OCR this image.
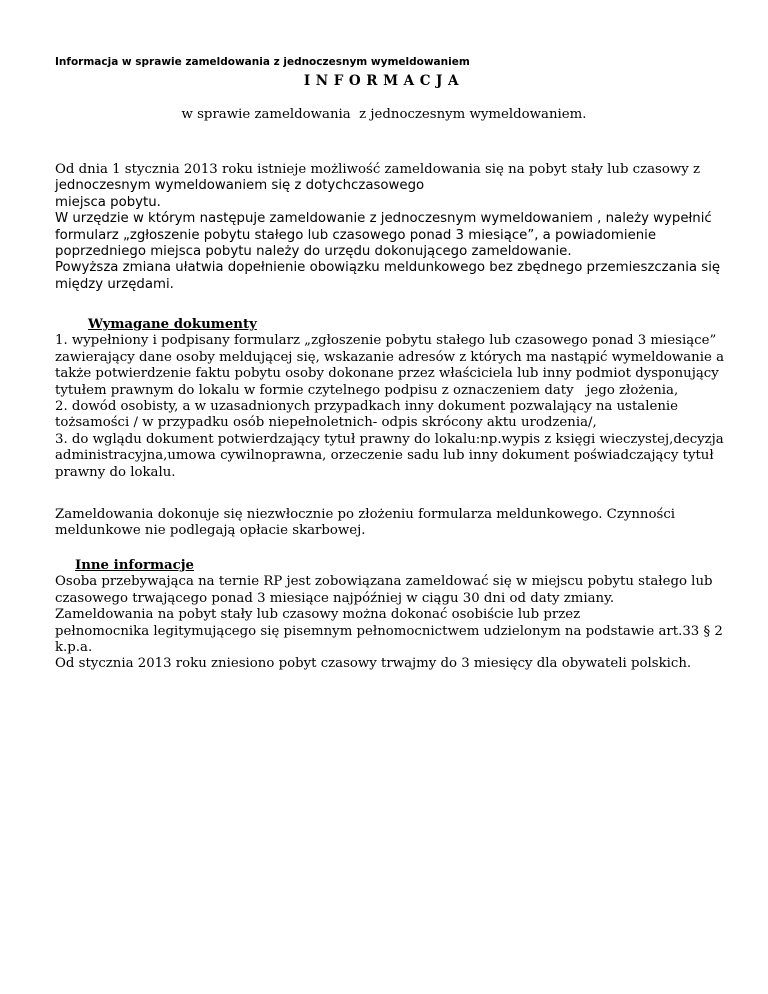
Informacja w sprawie zameldowania z jednoczesnym wymeldowaniem
INFORMACJA
w sprawie zameldowania  z jednoczesnym wymeldowaniem.
Od dnia 1 stycznia 2013 roku istnieje możliwość zameldowania się na pobyt stały lub czasowy z
jednoczesnym wymeldowaniem się z dotychczasowego
miejsca pobytu.
W urzędzie w którym następuje zameldowanie z jednoczesnym wymeldowaniem , należy wypełnić
formularz „zgłoszenie pobytu stałego lub czasowego ponad 3 miesiące”, a powiadomienie
poprzedniego miejsca pobytu należy do urzędu dokonującego zameldowanie.
Powyższa zmiana ułatwia dopełnienie obowiązku meldunkowego bez zbędnego przemieszczania się
między urzędami.
Wymagane dokumenty
1. wypełniony i podpisany formularz „zgłoszenie pobytu stałego lub czasowego ponad 3 miesiące”
zawierający dane osoby meldującej się, wskazanie adresów z których ma nastąpić wymeldowanie a
także potwierdzenie faktu pobytu osoby dokonane przez właściciela lub inny podmiot dysponujący
tytułem prawnym do lokalu w formie czytelnego podpisu z oznaczeniem daty   jego złożenia,
2. dowód osobisty, a w uzasadnionych przypadkach inny dokument pozwalający na ustalenie
tożsamości / w przypadku osób niepełnoletnich- odpis skrócony aktu urodzenia/,
3. do wglądu dokument potwierdzający tytuł prawny do lokalu:np.wypis z księgi wieczystej,decyzja
administracyjna,umowa cywilnoprawna, orzeczenie sadu lub inny dokument poświadczający tytuł
prawny do lokalu.
Zameldowania dokonuje się niezwłocznie po złożeniu formularza meldunkowego. Czynności
meldunkowe nie podlegają opłacie skarbowej.
Inne informacje
Osoba przebywająca na ternie RP jest zobowiązana zameldować się w miejscu pobytu stałego lub
czasowego trwającego ponad 3 miesiące najpóźniej w ciągu 30 dni od daty zmiany.
Zameldowania na pobyt stały lub czasowy można dokonać osobiście lub przez
pełnomocnika legitymującego się pisemnym pełnomocnictwem udzielonym na podstawie art.33 § 2
k.p.a.
Od stycznia 2013 roku zniesiono pobyt czasowy trwajmy do 3 miesięcy dla obywateli polskich.
